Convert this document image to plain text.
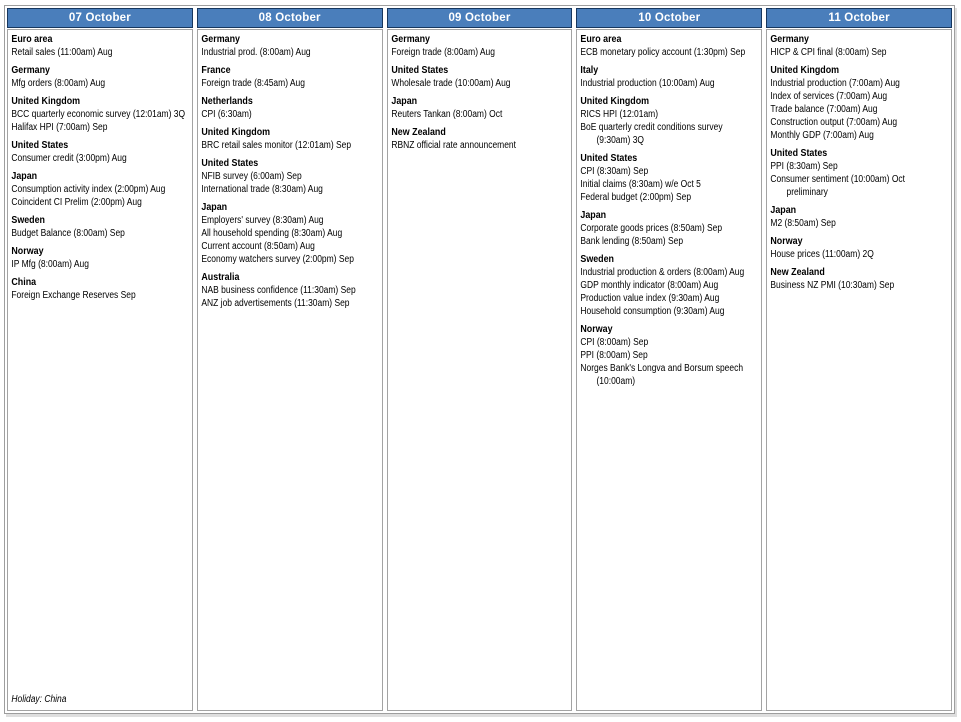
07 October
Euro area
Retail sales (11:00am) Aug
Germany
Mfg orders (8:00am) Aug
United Kingdom
BCC quarterly economic survey (12:01am) 3Q
Halifax HPI (7:00am) Sep
United States
Consumer credit (3:00pm) Aug
Japan
Consumption activity index (2:00pm) Aug
Coincident CI Prelim (2:00pm) Aug
Sweden
Budget Balance (8:00am) Sep
Norway
IP Mfg (8:00am) Aug
China
Foreign Exchange Reserves Sep
Holiday: China
08 October
Germany
Industrial prod. (8:00am) Aug
France
Foreign trade (8:45am) Aug
Netherlands
CPI (6:30am)
United Kingdom
BRC retail sales monitor (12:01am) Sep
United States
NFIB survey (6:00am) Sep
International trade (8:30am) Aug
Japan
Employers' survey (8:30am) Aug
All household spending (8:30am) Aug
Current account (8:50am) Aug
Economy watchers survey (2:00pm) Sep
Australia
NAB business confidence (11:30am) Sep
ANZ job advertisements (11:30am) Sep
09 October
Germany
Foreign trade (8:00am) Aug
United States
Wholesale trade (10:00am) Aug
Japan
Reuters Tankan (8:00am) Oct
New Zealand
RBNZ official rate announcement
10 October
Euro area
ECB monetary policy account (1:30pm) Sep
Italy
Industrial production (10:00am) Aug
United Kingdom
RICS HPI (12:01am)
BoE quarterly credit conditions survey (9:30am) 3Q
United States
CPI (8:30am) Sep
Initial claims (8:30am) w/e Oct 5
Federal budget (2:00pm) Sep
Japan
Corporate goods prices (8:50am) Sep
Bank lending (8:50am) Sep
Sweden
Industrial production & orders (8:00am) Aug
GDP monthly indicator (8:00am) Aug
Production value index (9:30am) Aug
Household consumption (9:30am) Aug
Norway
CPI (8:00am) Sep
PPI (8:00am) Sep
Norges Bank's Longva and Borsum speech (10:00am)
11 October
Germany
HICP & CPI final (8:00am) Sep
United Kingdom
Industrial production (7:00am) Aug
Index of services (7:00am) Aug
Trade balance (7:00am) Aug
Construction output (7:00am) Aug
Monthly GDP (7:00am) Aug
United States
PPI (8:30am) Sep
Consumer sentiment (10:00am) Oct preliminary
Japan
M2 (8:50am) Sep
Norway
House prices (11:00am) 2Q
New Zealand
Business NZ PMI (10:30am) Sep
